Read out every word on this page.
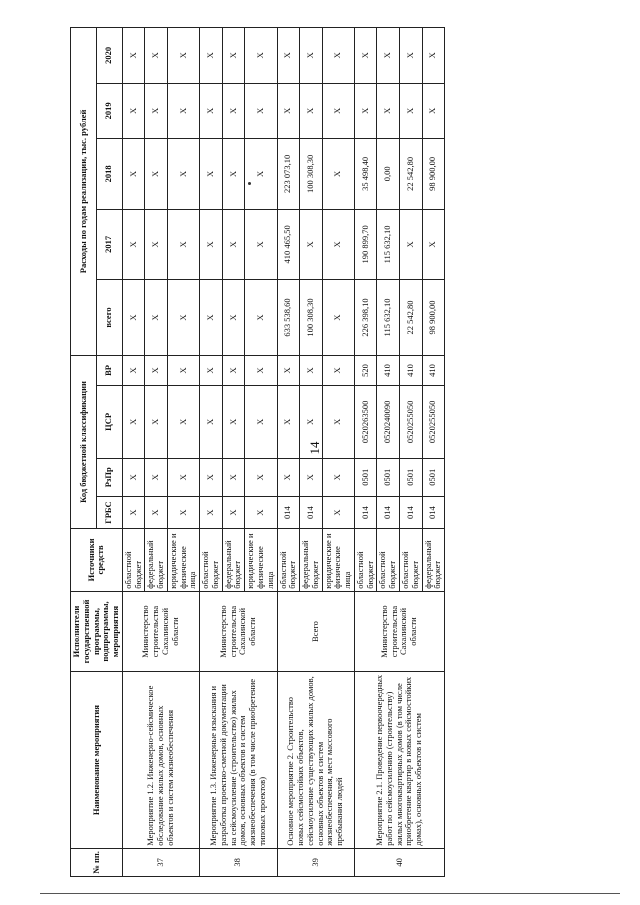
14
№ пп.	Наименование мероприятия	Исполнители государственной программы, подпрограммы, мероприятия	Источники средств	Код бюджетной классификации				Расходы по годам реализации, тыс. рублей				
				ГРБС	РзПр	ЦСР	ВР	всего	2017	2018	2019	2020
37	Мероприятие 1.2. Инженерно-сейсмическое обследование жилых домов, основных объектов и систем жизнеобеспечения	Министерство строительства Сахалинской области	областной бюджет	X	X	X	X	X	X	X	X	X
			федеральный бюджет	X	X	X	X	X	X	X	X	X
			юридические и физические лица	X	X	X	X	X	X	X	X	X
38	Мероприятие 1.3. Инженерные изыскания и разработка проектно-сметной документации на сейсмоусиление (строительство) жилых домов, основных объектов и систем жизнеобеспечения (в том числе приобретение типовых проектов)	Министерство строительства Сахалинской области	областной бюджет	X	X	X	X	X	X	X	X	X
			федеральный бюджет	X	X	X	X	X	X	X	X	X
			юридические и физические лица	X	X	X	X	X	X	X	X	X
39	Основное мероприятие 2. Строительство новых сейсмостойких объектов, сейсмоусиление существующих жилых домов, основных объектов и систем жизнеобеспечения, мест массового пребывания людей	Всего	областной бюджет	014	X	X	X	633 538,60	410 465,50	223 073,10	X	X
			федеральный бюджет	014	X	X	X	100 308,30	X	100 308,30	X	X
			юридические и физические лица	X	X	X	X	X	X	X	X	X
40	Мероприятие 2.1. Проведение первоочередных работ по сейсмоусилению (строительству) жилых многоквартирных домов (в том числе приобретение квартир в новых сейсмостойких домах), основных объектов и систем	Министерство строительства Сахалинской области	областной бюджет	014	0501	0520263500	520	226 398,10	190 899,70	35 498,40	X	X
			областной бюджет	014	0501	0520240090	410	115 632,10	115 632,10	0,00	X	X
			областной бюджет	014	0501	0520255050	410	22 542,80	X	22 542,80	X	X
			федеральный бюджет	014	0501	0520255050	410	98 900,00	X	98 900,00	X	X
